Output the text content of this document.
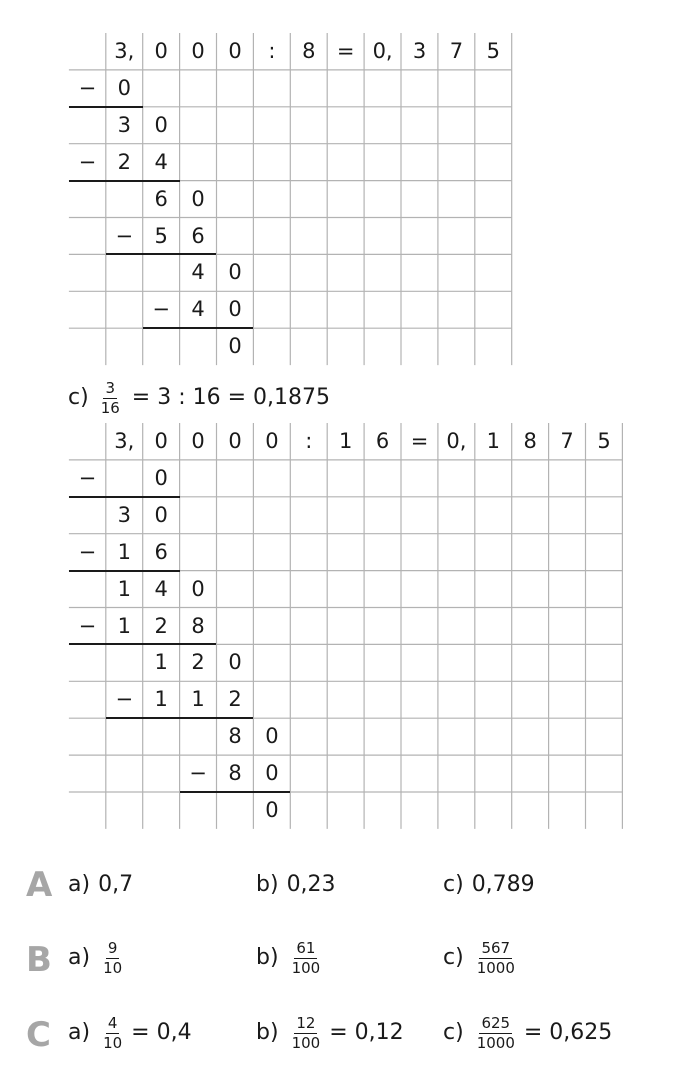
3, 0	0	0	:	8	= 0, 3	7	5
−	0
3	0
−	2	4
6	0
−	5	6
4	0
−	4	0
0
$c) \frac{3}{16} = 3$ : 16 = 0,1875
3, 0	0	0	0	:	1	6	= 0, 1	8	7	5
−	0
3	0
−	1	6
1	4	0
−	1	2	8
1	2	0
−	1	1	2
8	0
−	8	0
0
A a) 0,7	b) 0,23	c) 0,789
B $a) \frac{9}{10}$	$b) \frac{61}{100}$	$c) \frac{567}{1000}$
C $a) \frac{4}{10} = 0,4$	$b) \frac{12}{100} = 0,12$ $c) \frac{625}{1000} = 0,625$
